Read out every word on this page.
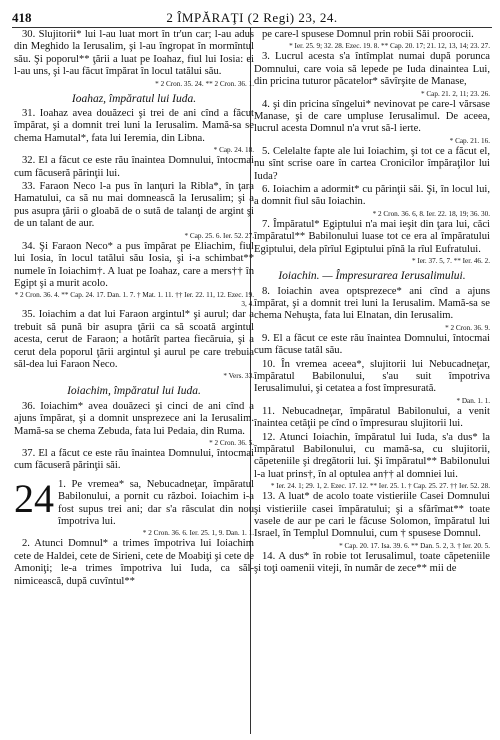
418	2 ÎMPĂRAŢI (2 Regi) 23, 24.

30. Slujitorii* lui l-au luat mort în tr'un car; l-au adus din Meghido la Ierusalim, şi l-au îngropat în mormîntul său. Şi poporul** ţării a luat pe Ioahaz, fiul lui Iosia: ei l-au uns, şi l-au făcut împărat în locul tatălui său.

* 2 Cron. 35. 24. ** 2 Cron. 36. 1.

Ioahaz, împăratul lui Iuda.

31. Ioahaz avea douăzeci şi trei de ani cînd a făcut împărat, şi a domnit trei luni la Ierusalim. Mamă-sa se chema Hamutal*, fata lui Ieremia, din Libna.

* Cap. 24. 18.

32. El a făcut ce este rău înaintea Domnului, întocmai cum făcuseră părinţii lui.

33. Faraon Neco l-a pus în lanţuri la Ribla*, în ţara Hamatului, ca să nu mai domnească la Ierusalim; şi a pus asupra ţării o gloabă de o sută de talanţi de argint şi de un talant de aur.

* Cap. 25. 6. Ier. 52. 27.

34. Şi Faraon Neco* a pus împărat pe Eliachim, fiul lui Iosia, în locul tatălui său Iosia, şi i-a schimbat** numele în Ioiachim†. A luat pe Ioahaz, care a mers†† în Egipt şi a murit acolo.

* 2 Cron. 36. 4. ** Cap. 24. 17. Dan. 1. 7. † Mat. 1. 11. †† Ier. 22. 11, 12. Ezec. 19. 3, 4.

35. Ioiachim a dat lui Faraon argintul* şi aurul; dar a trebuit să pună bir asupra ţării ca să scoată argintul acesta, cerut de Faraon; a hotărît partea fiecăruia, şi a cerut dela poporul ţării argintul şi aurul pe care trebuia săl-dea lui Faraon Neco.

* Vers. 33.

Ioiachim, împăratul lui Iuda.

36. Ioiachim* avea douăzeci şi cinci de ani cînd a ajuns împărat, şi a domnit unsprezece ani la Ierusalim. Mamă-sa se chema Zebuda, fata lui Pedaia, din Ruma.

* 2 Cron. 36. 5.

37. El a făcut ce este rău înaintea Domnului, întocmai cum făcuseră părinţii săi.

24 1. Pe vremea* sa, Nebucadneţar, împăratul Babilonului, a pornit cu război. Ioiachim i-a fost supus trei ani; dar s'a răsculat din nou împotriva lui.

* 2 Cron. 36. 6. Ier. 25. 1, 9. Dan. 1. 1.

2. Atunci Domnul* a trimes împotriva lui Ioiachim cete de Haldei, cete de Sirieni, cete de Moabiţi şi cete de Amoniţi; le-a trimes împotriva lui Iuda, ca săl-nimicească, după cuvîntul**

pe care-l spusese Domnul prin robii Săi proorocii.

* Ier. 25. 9; 32. 28. Ezec. 19. 8. ** Cap. 20. 17; 21. 12, 13, 14; 23. 27.

3. Lucrul acesta s'a întîmplat numai după porunca Domnului, care voia să lepede pe Iuda dinaintea Lui, din pricina tuturor păcatelor* săvîrşite de Manase,

* Cap. 21. 2, 11; 23. 26.

4. şi din pricina sîngelui* nevinovat pe care-l vărsase Manase, şi de care umpluse Ierusalimul. De aceea, lucrul acesta Domnul n'a vrut să-l ierte.

* Cap. 21. 16.

5. Celelalte fapte ale lui Ioiachim, şi tot ce a făcut el, nu sînt scrise oare în cartea Cronicilor împăraţilor lui Iuda?

6. Ioiachim a adormit* cu părinţii săi. Şi, în locul lui, a domnit fiul său Ioiachin.

* 2 Cron. 36. 6, 8. Ier. 22. 18, 19; 36. 30.

7. Împăratul* Egiptului n'a mai ieşit din ţara lui, căci împăratul** Babilonului luase tot ce era al împăratului Egiptului, dela pîrîul Egiptului pînă la rîul Eufratului.

* Ier. 37. 5, 7. ** Ier. 46. 2.

Ioiachin. — Împresurarea Ierusalimului.

8. Ioiachin avea optsprezece* ani cînd a ajuns împărat, şi a domnit trei luni la Ierusalim. Mamă-sa se chema Nehuşta, fata lui Elnatan, din Ierusalim.

* 2 Cron. 36. 9.

9. El a făcut ce este rău înaintea Domnului, întocmai cum făcuse tatăl său.

10. În vremea aceea*, slujitorii lui Nebucadneţar, împăratul Babilonului, s'au suit împotriva Ierusalimului, şi cetatea a fost împresurată.

* Dan. 1. 1.

11. Nebucadneţar, împăratul Babilonului, a venit înaintea cetăţii pe cînd o împresurau slujitorii lui.

12. Atunci Ioiachin, împăratul lui Iuda, s'a dus* la împăratul Babilonului, cu mamă-sa, cu slujitorii, căpeteniile şi dregătorii lui. Şi împăratul** Babilonului l-a luat prins†, în al optulea an†† al domniei lui.

* Ier. 24. 1; 29. 1, 2. Ezec. 17. 12. ** Ier. 25. 1. † Cap. 25. 27. †† Ier. 52. 28.

13. A luat* de acolo toate vistieriile Casei Domnului şi vistieriile casei împăratului; şi a sfărîmat** toate vasele de aur pe cari le făcuse Solomon, împăratul lui Israel, în Templul Domnului, cum † spusese Domnul.

* Cap. 20. 17. Isa. 39. 6. ** Dan. 5. 2, 3. † Ier. 20. 5.

14. A dus* în robie tot Ierusalimul, toate căpeteniile şi toţi oamenii viteji, în număr de zece** mii de
